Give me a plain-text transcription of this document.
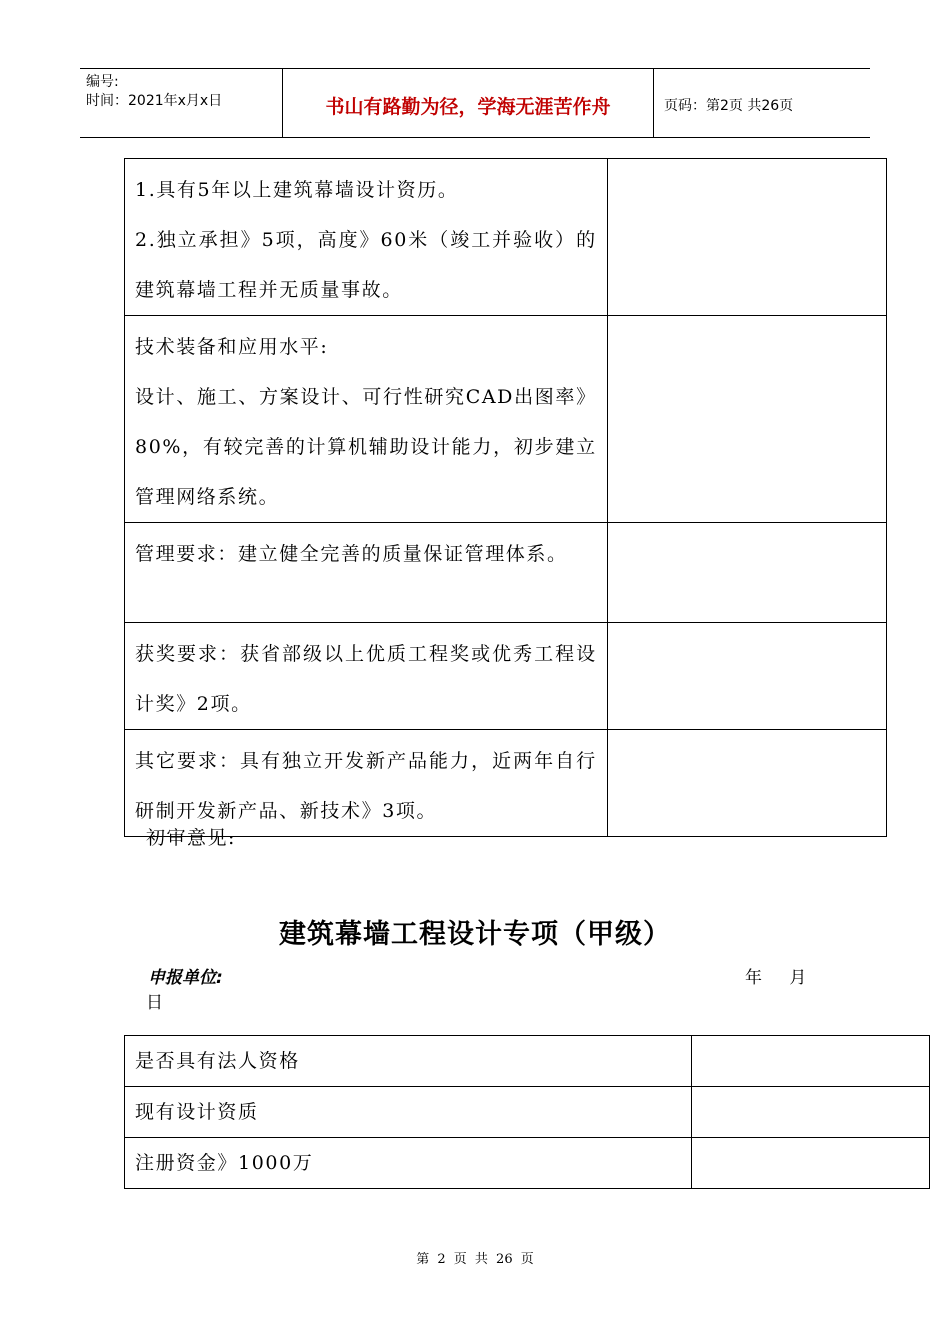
编号:
时间：2021年x月x日	书山有路勤为径，学海无涯苦作舟	页码：第2页 共26页
1.具有5年以上建筑幕墙设计资历。
2.独立承担》5项，高度》60米（竣工并验收）的建筑幕墙工程并无质量事故。	

技术装备和应用水平:
设计、施工、方案设计、可行性研究CAD出图率》80%，有较完善的计算机辅助设计能力，初步建立管理网络系统。	

管理要求：建立健全完善的质量保证管理体系。	

获奖要求：获省部级以上优质工程奖或优秀工程设计奖》2项。	

其它要求：具有独立开发新产品能力，近两年自行研制开发新产品、新技术》3项。	

初审意见:
建筑幕墙工程设计专项（甲级）
申报单位:	年 月
日
是否具有法人资格	
现有设计资质	
注册资金》1000万	
第 2 页 共 26 页
